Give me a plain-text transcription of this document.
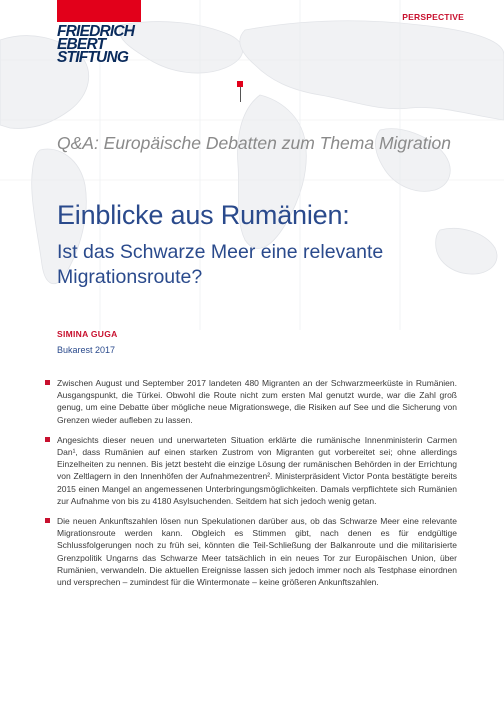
FRIEDRICH
EBERT
STIFTUNG
PERSPECTIVE
Q&A: Europäische Debatten zum Thema Migration
Einblicke aus Rumänien:
Ist das Schwarze Meer eine relevante Migrationsroute?
SIMINA GUGA
Bukarest 2017
Zwischen August und September 2017 landeten 480 Migranten an der Schwarzmeerküste in Rumänien. Ausgangspunkt, die Türkei. Obwohl die Route nicht zum ersten Mal genutzt wurde, war die Zahl groß genug, um eine Debatte über mögliche neue Migrationswege, die Risiken auf See und die Sicherung von Grenzen wieder aufleben zu lassen.
Angesichts dieser neuen und unerwarteten Situation erklärte die rumänische Innenministerin Carmen Dan¹, dass Rumänien auf einen starken Zustrom von Migranten gut vorbereitet sei; ohne allerdings Einzelheiten zu nennen. Bis jetzt besteht die einzige Lösung der rumänischen Behörden in der Errichtung von Zeltlagern in den Innenhöfen der Aufnahmezentren². Ministerpräsident Victor Ponta bestätigte bereits 2015 einen Mangel an angemessenen Unterbringungsmöglichkeiten. Damals verpflichtete sich Rumänien zur Aufnahme von bis zu 4180 Asylsuchenden. Seitdem hat sich jedoch wenig getan.
Die neuen Ankunftszahlen lösen nun Spekulationen darüber aus, ob das Schwarze Meer eine relevante Migrationsroute werden kann. Obgleich es Stimmen gibt, nach denen es für endgültige Schlussfolgerungen noch zu früh sei, könnten die Teil-Schließung der Balkanroute und die militarisierte Grenzpolitik Ungarns das Schwarze Meer tatsächlich in ein neues Tor zur Europäischen Union, über Rumänien, verwandeln. Die aktuellen Ereignisse lassen sich jedoch immer noch als Testphase einordnen und versprechen – zumindest für die Wintermonate – keine größeren Ankunftszahlen.
